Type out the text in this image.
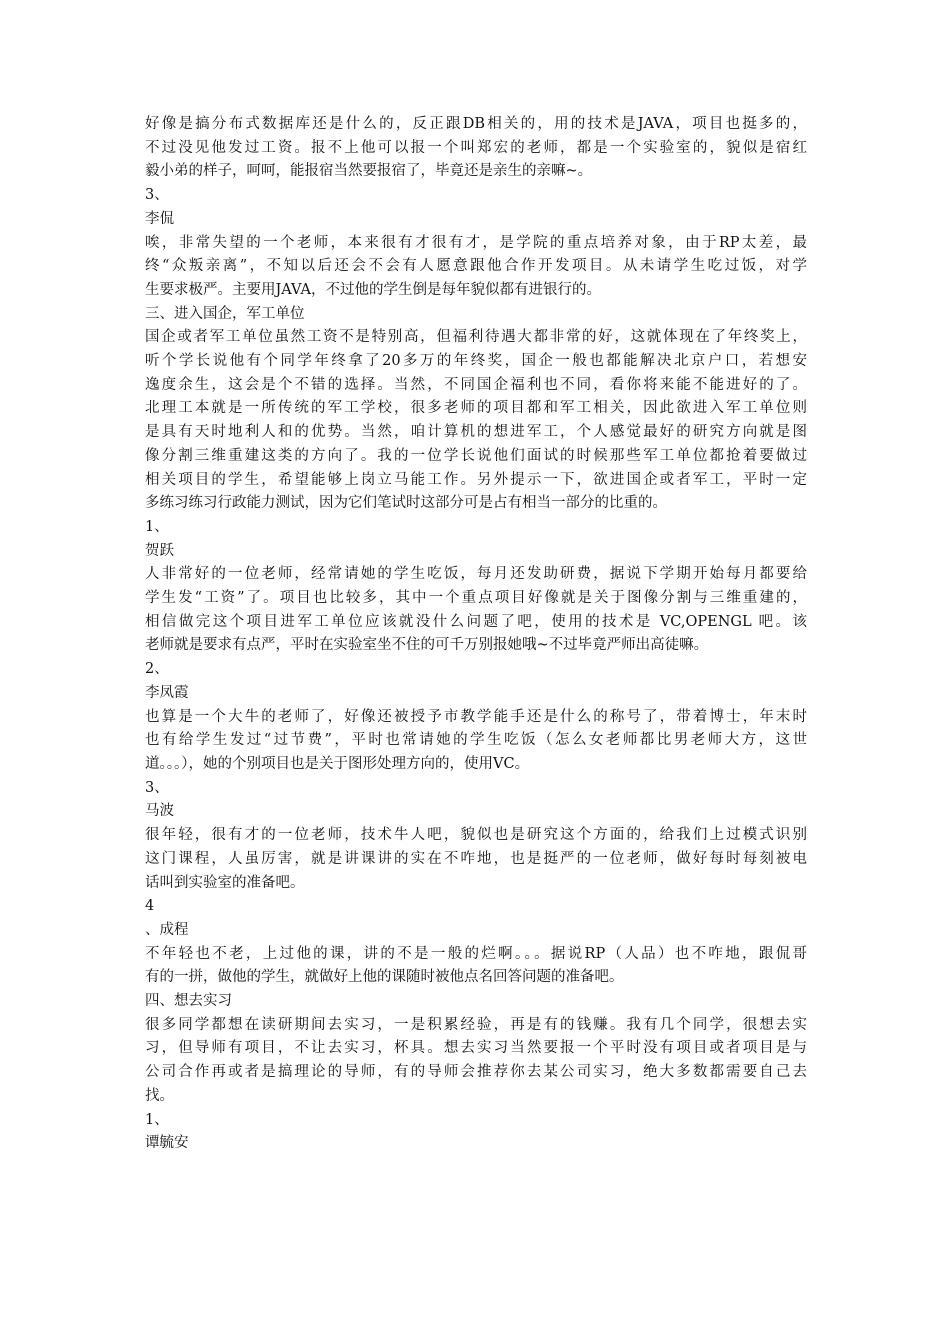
好像是搞分布式数据库还是什么的，反正跟DB相关的，用的技术是JAVA，项目也挺多的，
不过没见他发过工资。报不上他可以报一个叫郑宏的老师，都是一个实验室的，貌似是宿红
毅小弟的样子，呵呵，能报宿当然要报宿了，毕竟还是亲生的亲嘛~。
3、
李侃
唉，非常失望的一个老师，本来很有才很有才，是学院的重点培养对象，由于RP太差，最
终“众叛亲离”，不知以后还会不会有人愿意跟他合作开发项目。从未请学生吃过饭，对学
生要求极严。主要用JAVA，不过他的学生倒是每年貌似都有进银行的。
三、进入国企，军工单位
国企或者军工单位虽然工资不是特别高，但福利待遇大都非常的好，这就体现在了年终奖上，
听个学长说他有个同学年终拿了20多万的年终奖，国企一般也都能解决北京户口，若想安
逸度余生，这会是个不错的选择。当然，不同国企福利也不同，看你将来能不能进好的了。
北理工本就是一所传统的军工学校，很多老师的项目都和军工相关，因此欲进入军工单位则
是具有天时地利人和的优势。当然，咱计算机的想进军工，个人感觉最好的研究方向就是图
像分割三维重建这类的方向了。我的一位学长说他们面试的时候那些军工单位都抢着要做过
相关项目的学生，希望能够上岗立马能工作。另外提示一下，欲进国企或者军工，平时一定
多练习练习行政能力测试，因为它们笔试时这部分可是占有相当一部分的比重的。
1、
贺跃
人非常好的一位老师，经常请她的学生吃饭，每月还发助研费，据说下学期开始每月都要给
学生发“工资”了。项目也比较多，其中一个重点项目好像就是关于图像分割与三维重建的，
相信做完这个项目进军工单位应该就没什么问题了吧，使用的技术是 VC,OPENGL 吧。该
老师就是要求有点严，平时在实验室坐不住的可千万别报她哦~不过毕竟严师出高徒嘛。
2、
李凤霞
也算是一个大牛的老师了，好像还被授予市教学能手还是什么的称号了，带着博士，年末时
也有给学生发过“过节费”，平时也常请她的学生吃饭（怎么女老师都比男老师大方，这世
道。。。），她的个别项目也是关于图形处理方向的，使用VC。
3、
马波
很年轻，很有才的一位老师，技术牛人吧，貌似也是研究这个方面的，给我们上过模式识别
这门课程，人虽厉害，就是讲课讲的实在不咋地，也是挺严的一位老师，做好每时每刻被电
话叫到实验室的准备吧。
4
、成程
不年轻也不老，上过他的课，讲的不是一般的烂啊。。。据说RP（人品）也不咋地，跟侃哥
有的一拼，做他的学生，就做好上他的课随时被他点名回答问题的准备吧。
四、想去实习
很多同学都想在读研期间去实习，一是积累经验，再是有的钱赚。我有几个同学，很想去实
习，但导师有项目，不让去实习，杯具。想去实习当然要报一个平时没有项目或者项目是与
公司合作再或者是搞理论的导师，有的导师会推荐你去某公司实习，绝大多数都需要自己去
找。
1、
谭毓安
